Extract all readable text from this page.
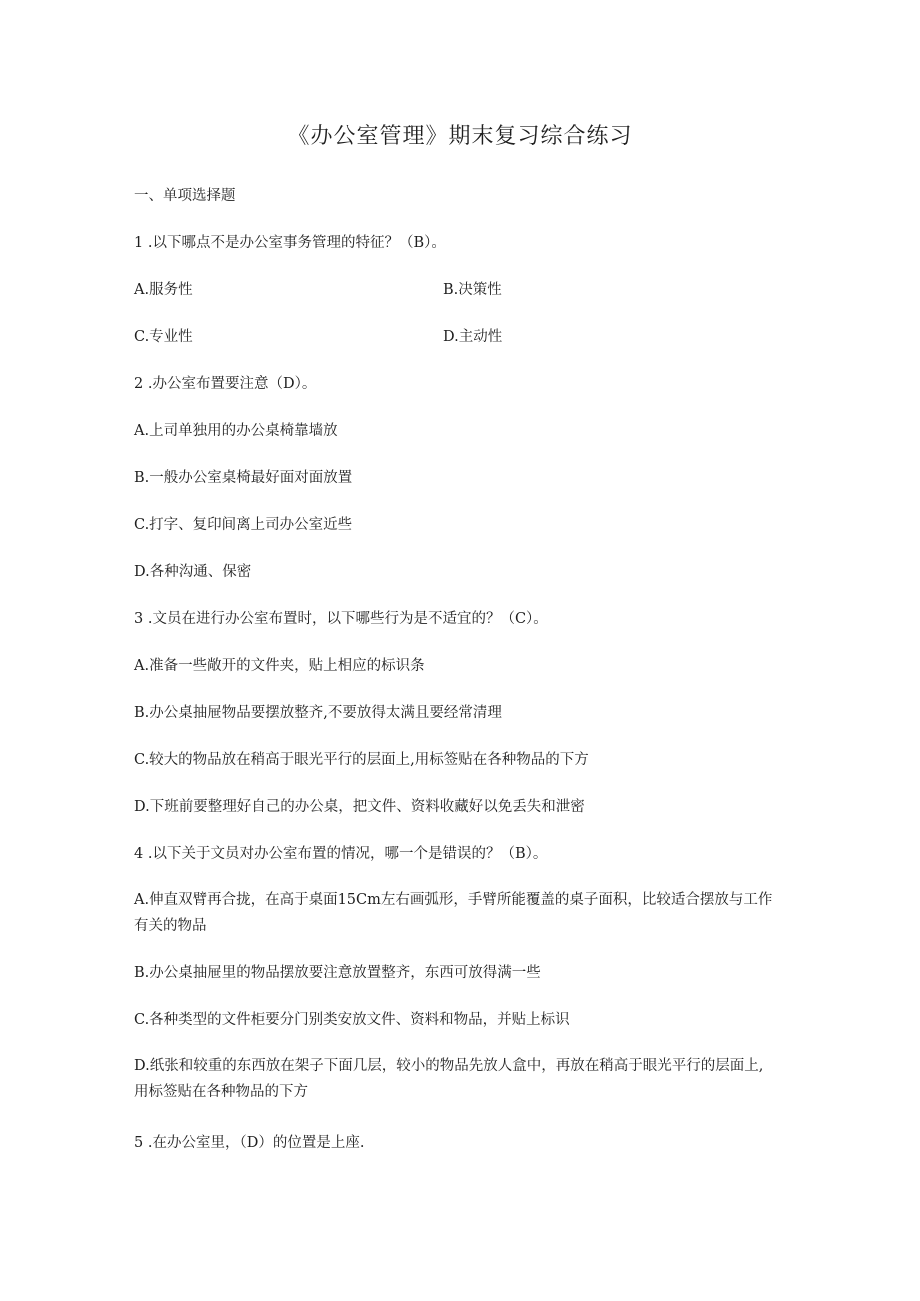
《办公室管理》期末复习综合练习
一、单项选择题
1 .以下哪点不是办公室事务管理的特征？（B）。
A.服务性	B.决策性
C.专业性	D.主动性
2 .办公室布置要注意（D）。
A.上司单独用的办公桌椅靠墙放
B.一般办公室桌椅最好面对面放置
C.打字、复印间离上司办公室近些
D.各种沟通、保密
3 .文员在进行办公室布置时，以下哪些行为是不适宜的？（C）。
A.准备一些敞开的文件夹，贴上相应的标识条
B.办公桌抽屉物品要摆放整齐,不要放得太满且要经常清理
C.较大的物品放在稍高于眼光平行的层面上,用标签贴在各种物品的下方
D.下班前要整理好自己的办公桌，把文件、资料收藏好以免丢失和泄密
4 .以下关于文员对办公室布置的情况，哪一个是错误的？（B）。
A.伸直双臂再合拢，在高于桌面15Cm左右画弧形，手臂所能覆盖的桌子面积，比较适合摆放与工作有关的物品
B.办公桌抽屉里的物品摆放要注意放置整齐，东西可放得满一些
C.各种类型的文件柜要分门别类安放文件、资料和物品，并贴上标识
D.纸张和较重的东西放在架子下面几层，较小的物品先放人盒中，再放在稍高于眼光平行的层面上,用标签贴在各种物品的下方
5 .在办公室里，（D）的位置是上座.
